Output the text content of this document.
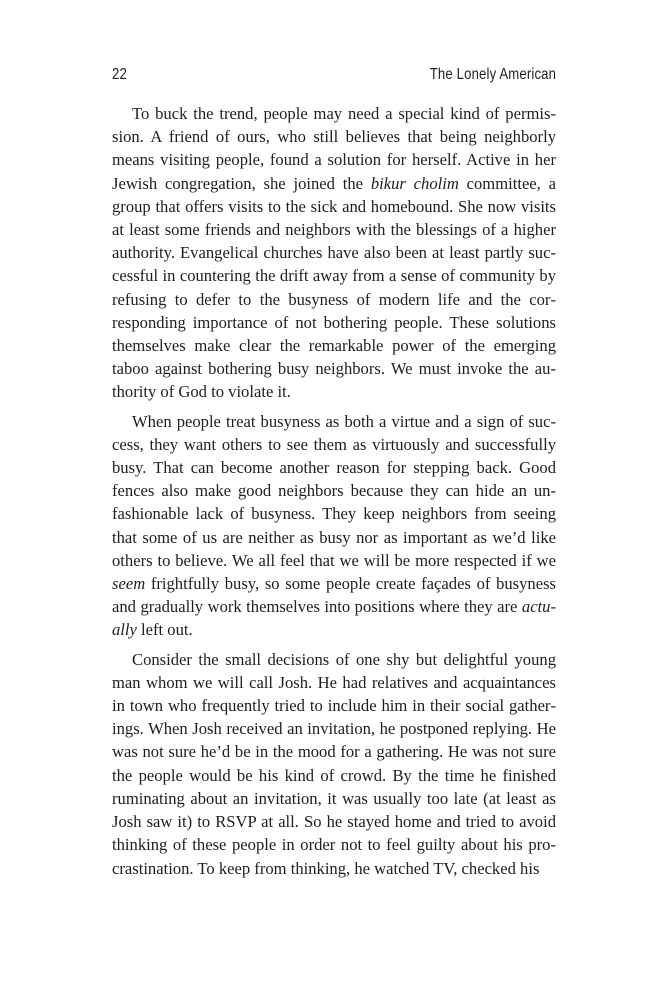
22	The Lonely American

To buck the trend, people may need a special kind of permission. A friend of ours, who still believes that being neighborly means visiting people, found a solution for herself. Active in her Jewish congregation, she joined the bikur cholim committee, a group that offers visits to the sick and homebound. She now visits at least some friends and neighbors with the blessings of a higher authority. Evangelical churches have also been at least partly successful in countering the drift away from a sense of community by refusing to defer to the busyness of modern life and the corresponding importance of not bothering people. These solutions themselves make clear the remarkable power of the emerging taboo against bothering busy neighbors. We must invoke the authority of God to violate it.

When people treat busyness as both a virtue and a sign of success, they want others to see them as virtuously and successfully busy. That can become another reason for stepping back. Good fences also make good neighbors because they can hide an unfashionable lack of busyness. They keep neighbors from seeing that some of us are neither as busy nor as important as we’d like others to believe. We all feel that we will be more respected if we seem frightfully busy, so some people create façades of busyness and gradually work themselves into positions where they are actually left out.

Consider the small decisions of one shy but delightful young man whom we will call Josh. He had relatives and acquaintances in town who frequently tried to include him in their social gatherings. When Josh received an invitation, he postponed replying. He was not sure he’d be in the mood for a gathering. He was not sure the people would be his kind of crowd. By the time he finished ruminating about an invitation, it was usually too late (at least as Josh saw it) to RSVP at all. So he stayed home and tried to avoid thinking of these people in order not to feel guilty about his procrastination. To keep from thinking, he watched TV, checked his
